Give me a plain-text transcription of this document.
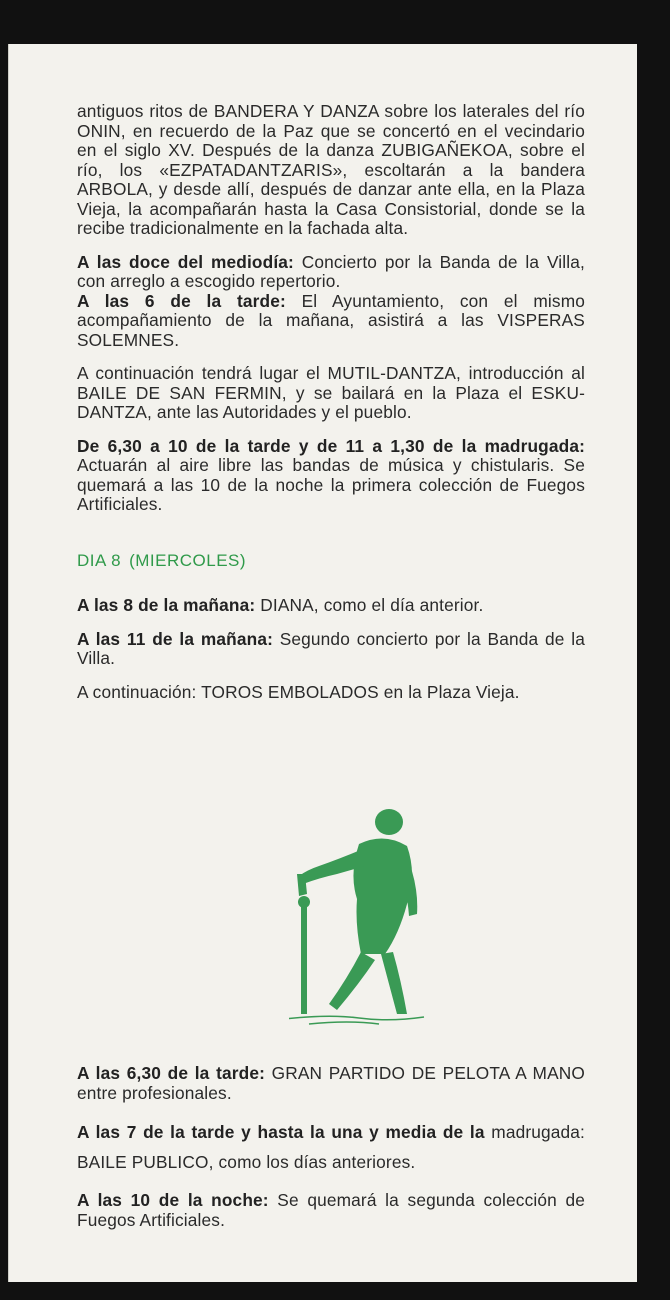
antiguos ritos de BANDERA Y DANZA sobre los laterales del río ONIN, en recuerdo de la Paz que se concertó en el vecindario en el siglo XV. Después de la danza ZUBIGAÑEKOA, sobre el río, los «EZPATADANTZARIS», escoltarán a la bandera ARBOLA, y desde allí, después de danzar ante ella, en la Plaza Vieja, la acompañarán hasta la Casa Consistorial, donde se la recibe tradicionalmente en la fachada alta.

A las doce del mediodía: Concierto por la Banda de la Villa, con arreglo a escogido repertorio.

A las 6 de la tarde: El Ayuntamiento, con el mismo acompañamiento de la mañana, asistirá a las VISPERAS SOLEMNES.

A continuación tendrá lugar el MUTIL-DANTZA, introducción al BAILE DE SAN FERMIN, y se bailará en la Plaza el ESKU-DANTZA, ante las Autoridades y el pueblo.

De 6,30 a 10 de la tarde y de 11 a 1,30 de la madrugada: Actuarán al aire libre las bandas de música y chistularis. Se quemará a las 10 de la noche la primera colección de Fuegos Artificiales.

DIA 8 (MIERCOLES)

A las 8 de la mañana: DIANA, como el día anterior.

A las 11 de la mañana: Segundo concierto por la Banda de la Villa.

A continuación: TOROS EMBOLADOS en la Plaza Vieja.

A las 6,30 de la tarde: GRAN PARTIDO DE PELOTA A MANO entre profesionales.

A las 7 de la tarde y hasta la una y media de la madrugada: BAILE PUBLICO, como los días anteriores.

A las 10 de la noche: Se quemará la segunda colección de Fuegos Artificiales.
